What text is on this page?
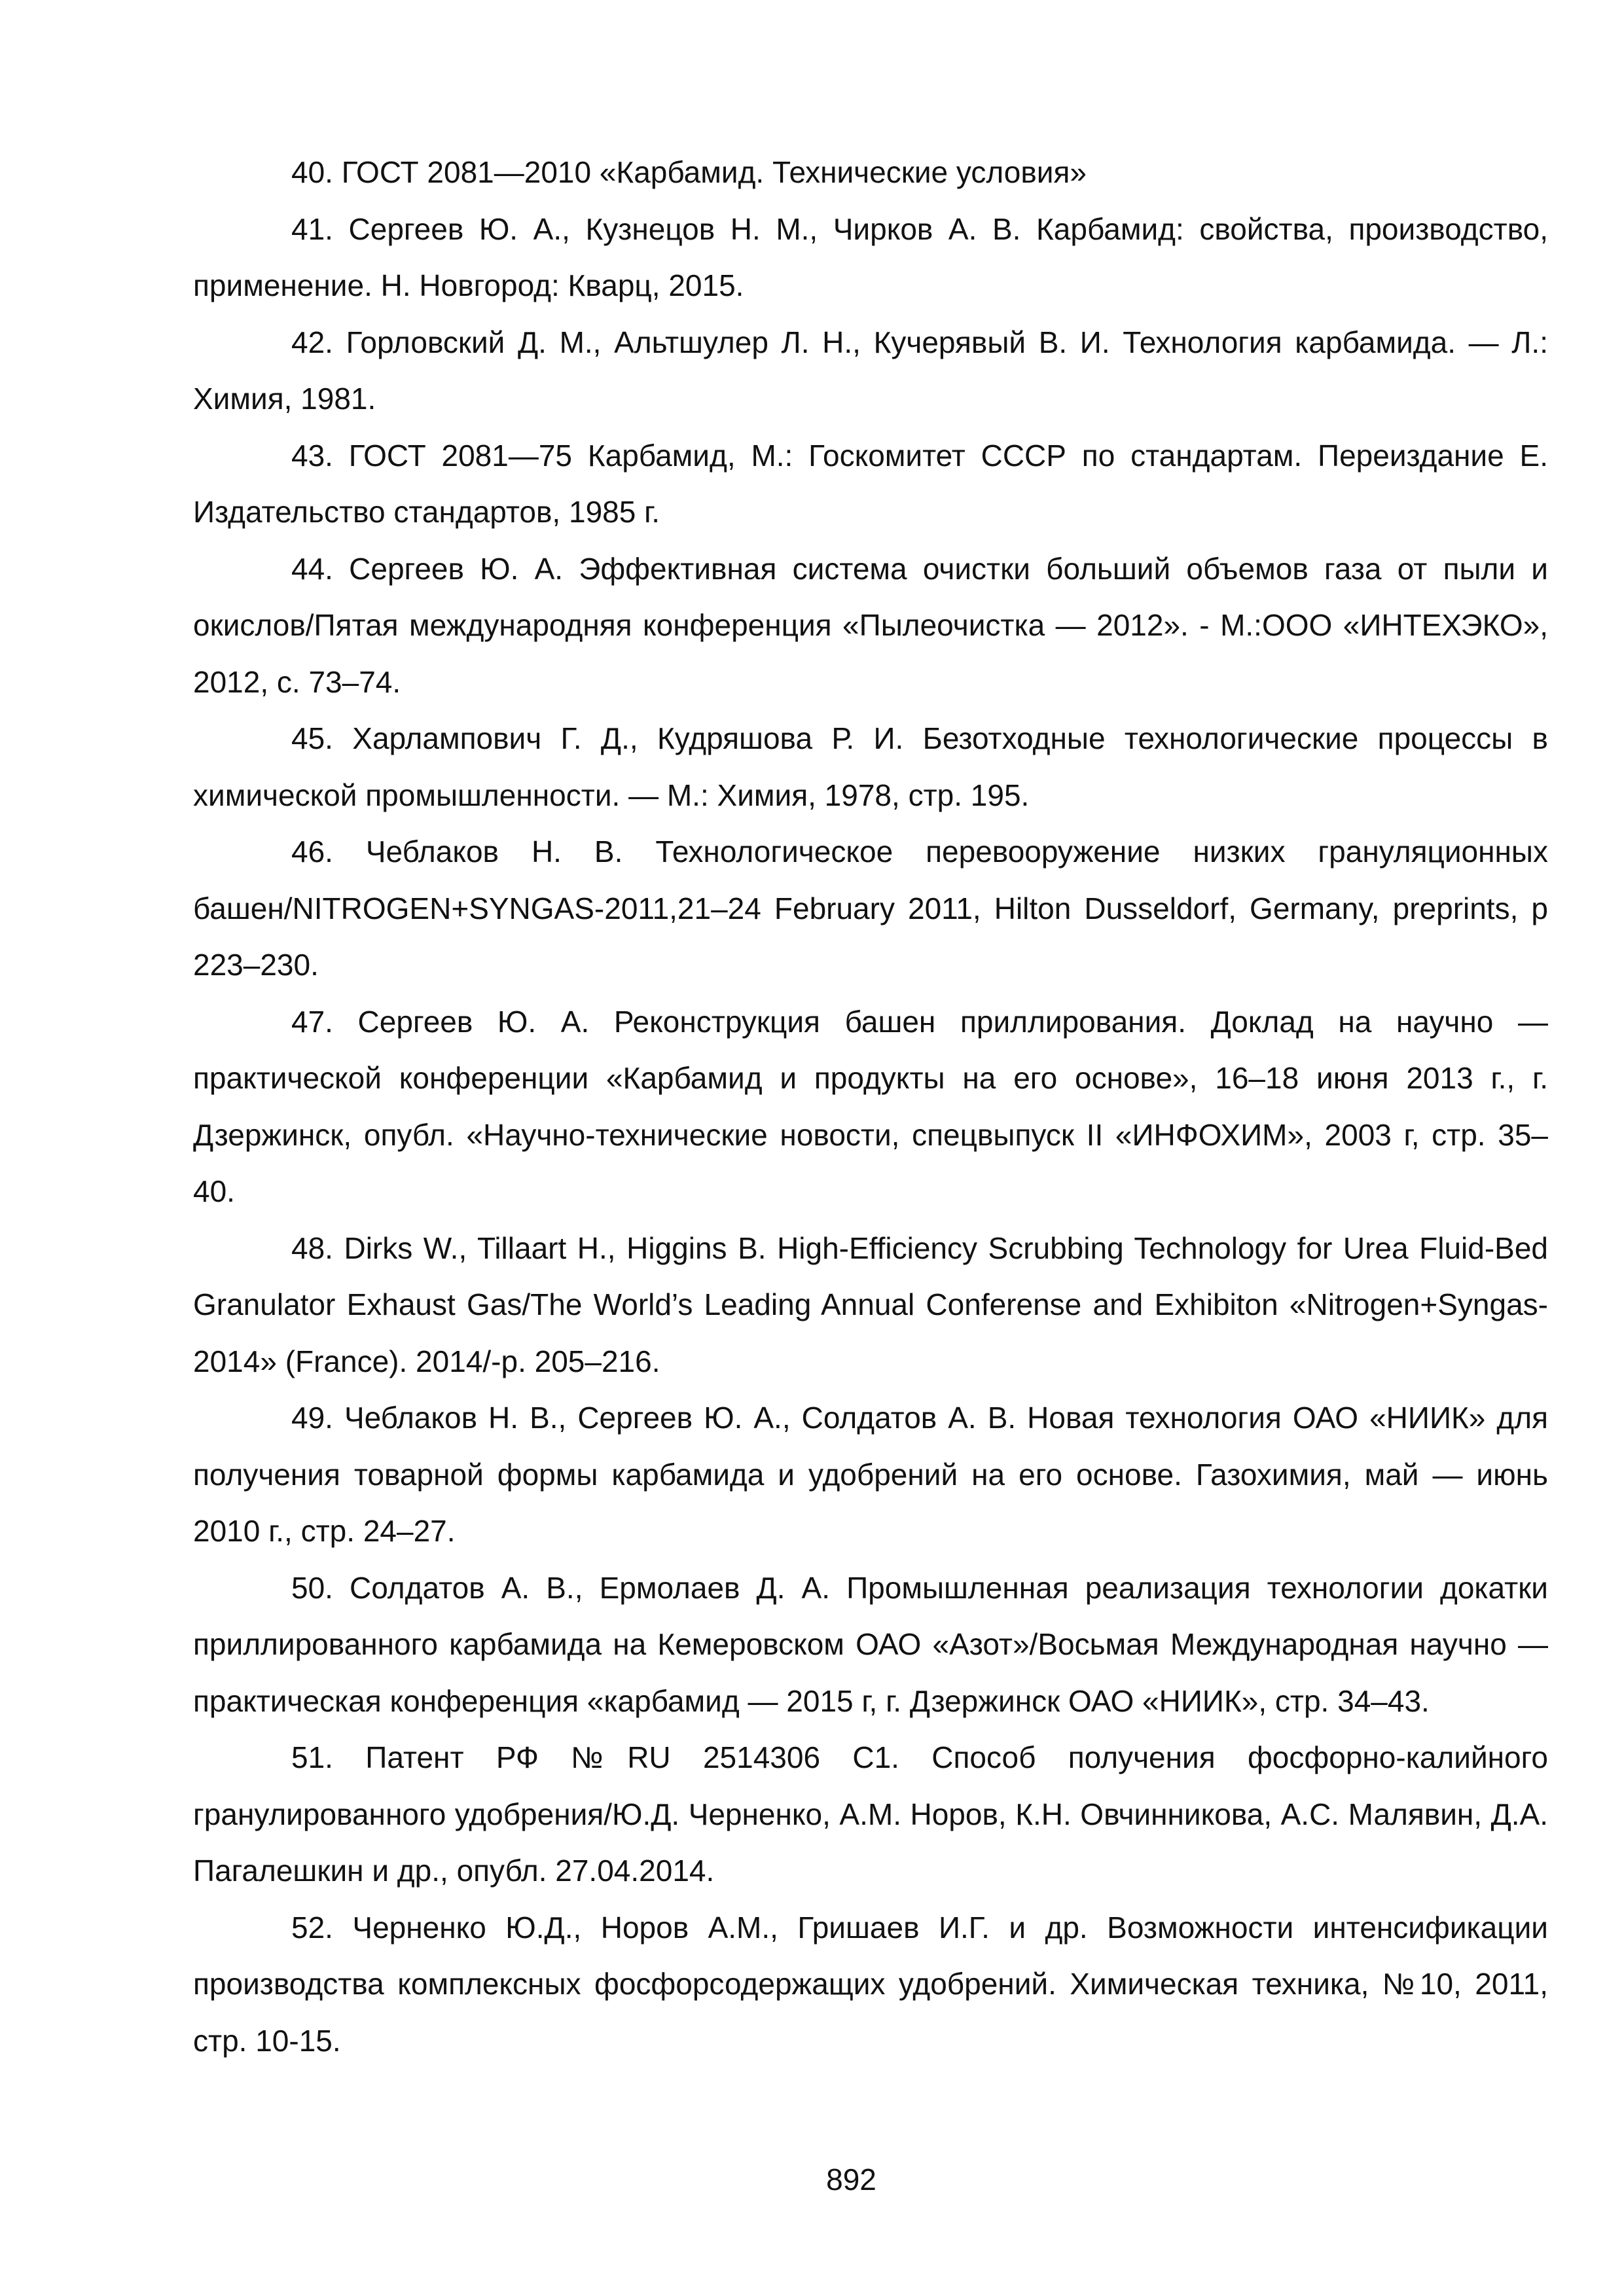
40. ГОСТ 2081—2010 «Карбамид. Технические условия»

41. Сергеев Ю. А., Кузнецов Н. М., Чирков А. В. Карбамид: свойства, производство, применение. Н. Новгород: Кварц, 2015.

42. Горловский Д. М., Альтшулер Л. Н., Кучерявый В. И. Технология карбамида. — Л.: Химия, 1981.

43. ГОСТ 2081—75 Карбамид, М.: Госкомитет СССР по стандартам. Переиздание Е. Издательство стандартов, 1985 г.

44. Сергеев Ю. А. Эффективная система очистки больший объемов газа от пыли и окислов/Пятая международняя конференция «Пылеочистка — 2012». - М.:ООО «ИНТЕХЭКО», 2012, с. 73–74.

45. Харлампович Г. Д., Кудряшова Р. И. Безотходные технологические процессы в химической промышленности. — М.: Химия, 1978, стр. 195.

46. Чеблаков Н. В. Технологическое перевооружение низких грануляционных башен/NITROGEN+SYNGAS-2011,21–24 February 2011, Hilton Dusseldorf, Germany, preprints, p 223–230.

47. Сергеев Ю. А. Реконструкция башен приллирования. Доклад на научно — практической конференции «Карбамид и продукты на его основе», 16–18 июня 2013 г., г. Дзержинск, опубл. «Научно-технические новости, спецвыпуск II «ИНФОХИМ», 2003 г, стр. 35–40.

48. Dirks W., Tillaart H., Higgins B. High-Efficiency Scrubbing Technology for Urea Fluid-Bed Granulator Exhaust Gas/The World’s Leading Annual Conferense and Exhibiton «Nitrogen+Syngas-2014» (France). 2014/-p. 205–216.

49. Чеблаков Н. В., Сергеев Ю. А., Солдатов А. В. Новая технология ОАО «НИИК» для получения товарной формы карбамида и удобрений на его основе. Газохимия, май — июнь 2010 г., стр. 24–27.

50. Солдатов А. В., Ермолаев Д. А. Промышленная реализация технологии докатки приллированного карбамида на Кемеровском ОАО «Азот»/Восьмая Международная научно —практическая конференция «карбамид — 2015 г, г. Дзержинск ОАО «НИИК», стр. 34–43.

51. Патент РФ №RU 2514306 С1. Способ получения фосфорно-калийного гранулированного удобрения/Ю.Д. Черненко, А.М. Норов, К.Н. Овчинникова, А.С. Малявин, Д.А. Пагалешкин и др., опубл. 27.04.2014.

52. Черненко Ю.Д., Норов А.М., Гришаев И.Г. и др. Возможности интенсификации производства комплексных фосфорсодержащих удобрений. Химическая техника, №10, 2011, стр. 10-15.

892
